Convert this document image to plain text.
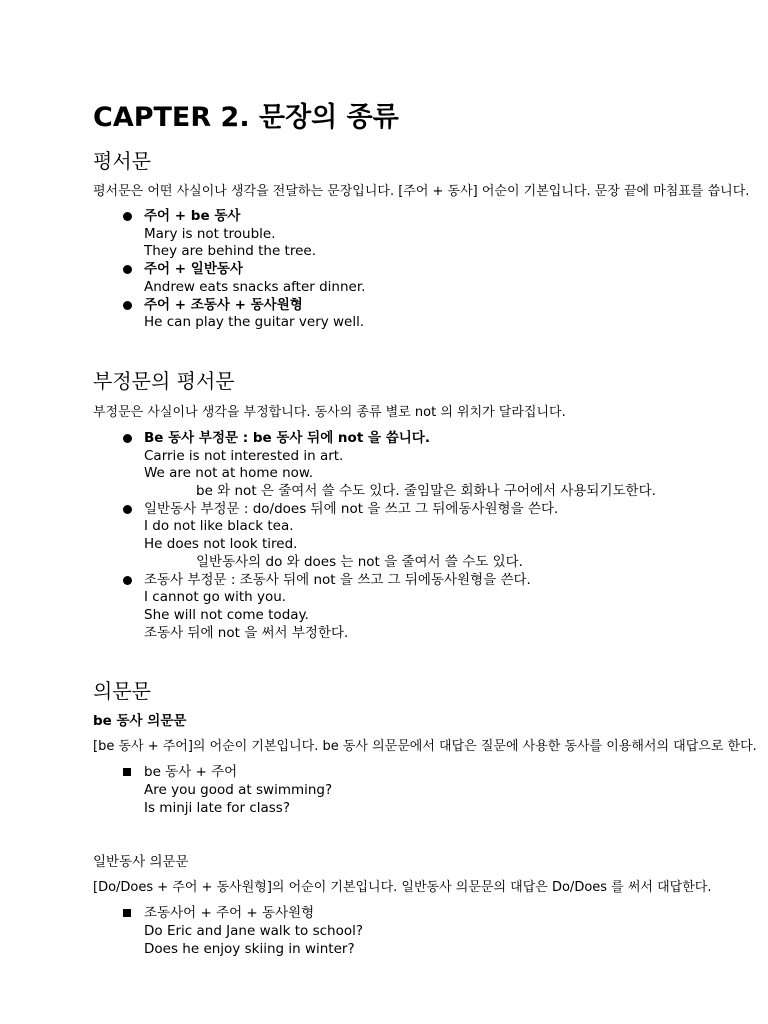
CAPTER 2. 문장의 종류
평서문

평서문은 어떤 사실이나 생각을 전달하는 문장입니다. [주어 + 동사] 어순이 기본입니다. 문장 끝에 마침표를 씁니다.

주어 + be 동사
Mary is not trouble.
They are behind the tree.
주어 + 일반동사
Andrew eats snacks after dinner.
주어 + 조동사 + 동사원형
He can play the guitar very well.
부정문의 평서문

부정문은 사실이나 생각을 부정합니다. 동사의 종류 별로 not 의 위치가 달라집니다.

Be 동사 부정문 : be 동사 뒤에 not 을 씁니다.
Carrie is not interested in art.
We are not at home now.
be 와 not 은 줄여서 쓸 수도 있다. 줄임말은 회화나 구어에서 사용되기도한다.
일반동사 부정문 : do/does 뒤에 not 을 쓰고 그 뒤에동사원형을 쓴다.
I do not like black tea.
He does not look tired.
일반동사의 do 와 does 는 not 을 줄여서 쓸 수도 있다.
조동사 부정문 : 조동사 뒤에 not 을 쓰고 그 뒤에동사원형을 쓴다.
I cannot go with you.
She will not come today.
조동사 뒤에 not 을 써서 부정한다.
의문문

be 동사 의문문

[be 동사 + 주어]의 어순이 기본입니다. be 동사 의문문에서 대답은 질문에 사용한 동사를 이용해서의 대답으로 한다.

be 동사 + 주어
Are you good at swimming?
Is minji late for class?

일반동사 의문문

[Do/Does + 주어 + 동사원형]의 어순이 기본입니다. 일반동사 의문문의 대답은 Do/Does 를 써서 대답한다.

조동사어 + 주어 + 동사원형
Do Eric and Jane walk to school?
Does he enjoy skiing in winter?
